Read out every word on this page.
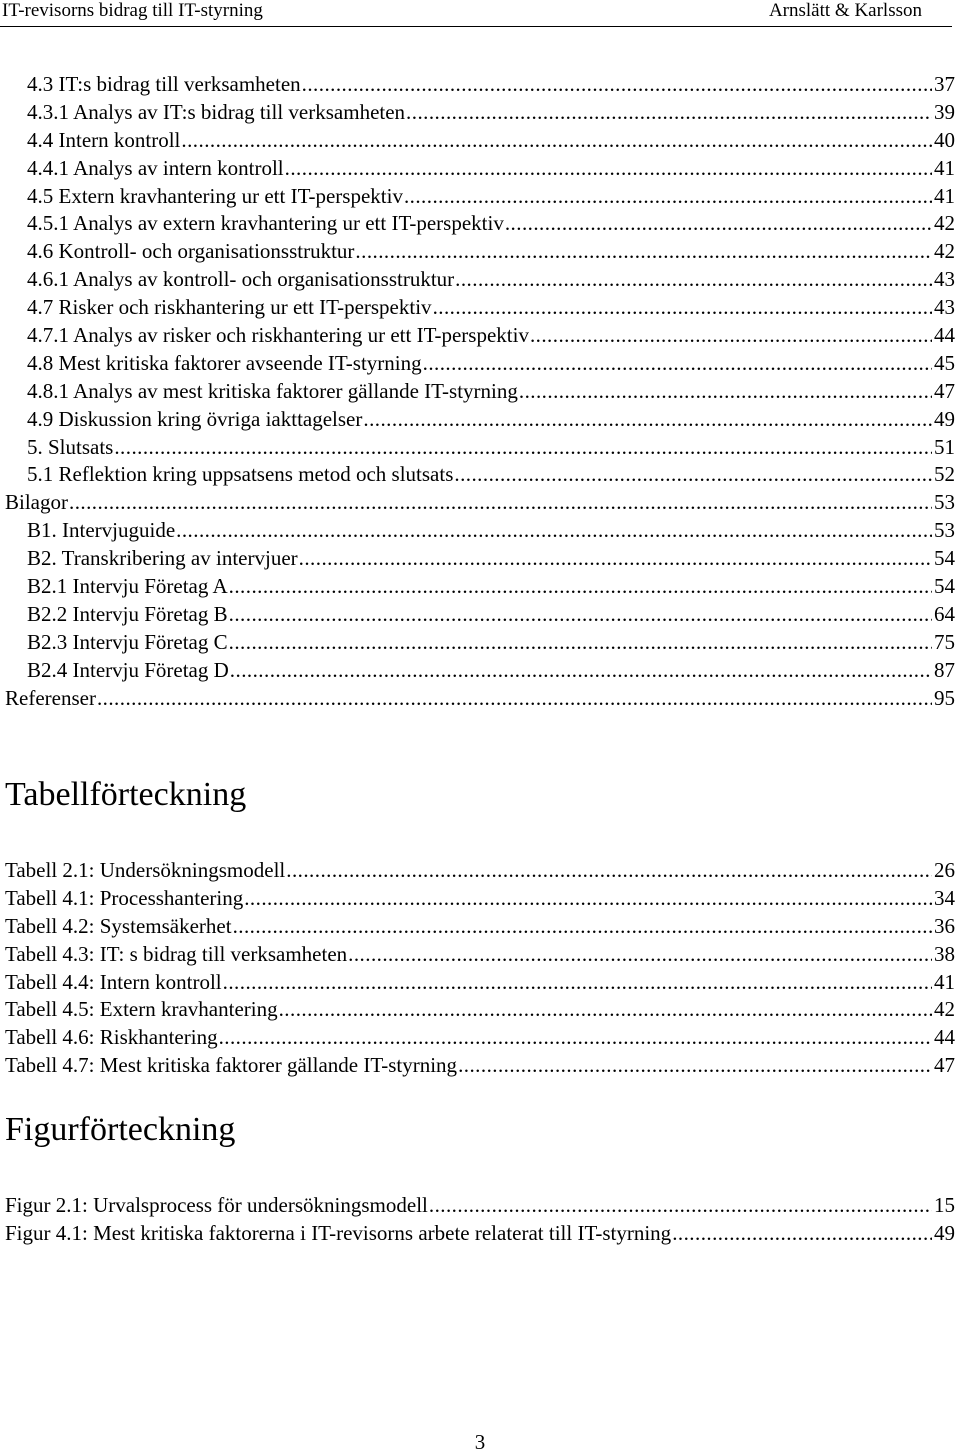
IT-revisorns bidrag till IT-styrning	Arnslätt & Karlsson
4.3 IT:s bidrag till verksamheten . . .	37
4.3.1 Analys av IT:s bidrag till verksamheten . . .	39
4.4 Intern kontroll . . .	40
4.4.1 Analys av intern kontroll . . .	41
4.5 Extern kravhantering ur ett IT-perspektiv . . .	41
4.5.1 Analys av extern kravhantering ur ett IT-perspektiv . . .	42
4.6 Kontroll- och organisationsstruktur . . .	42
4.6.1 Analys av kontroll- och organisationsstruktur . . .	43
4.7 Risker och riskhantering ur ett IT-perspektiv . . .	43
4.7.1 Analys av risker och riskhantering ur ett IT-perspektiv . . .	44
4.8 Mest kritiska faktorer avseende IT-styrning . . .	45
4.8.1 Analys av mest kritiska faktorer gällande IT-styrning . . .	47
4.9 Diskussion kring övriga iakttagelser . . .	49
5. Slutsats . . .	51
5.1 Reflektion kring uppsatsens metod och slutsats . . .	52
Bilagor . . .	53
B1. Intervjuguide . . .	53
B2. Transkribering av intervjuer . . .	54
B2.1 Intervju Företag A . . .	54
B2.2 Intervju Företag B . . .	64
B2.3 Intervju Företag C . . .	75
B2.4 Intervju Företag D . . .	87
Referenser . . .	95
Tabellförteckning
Tabell 2.1: Undersökningsmodell . . .	26
Tabell 4.1: Processhantering . . .	34
Tabell 4.2: Systemsäkerhet . . .	36
Tabell 4.3: IT: s bidrag till verksamheten . . .	38
Tabell 4.4: Intern kontroll . . .	41
Tabell 4.5: Extern kravhantering . . .	42
Tabell 4.6: Riskhantering . . .	44
Tabell 4.7: Mest kritiska faktorer gällande IT-styrning . . .	47
Figurförteckning
Figur 2.1: Urvalsprocess för undersökningsmodell . . .	15
Figur 4.1: Mest kritiska faktorerna i IT-revisorns arbete relaterat till IT-styrning . . .	49
3
